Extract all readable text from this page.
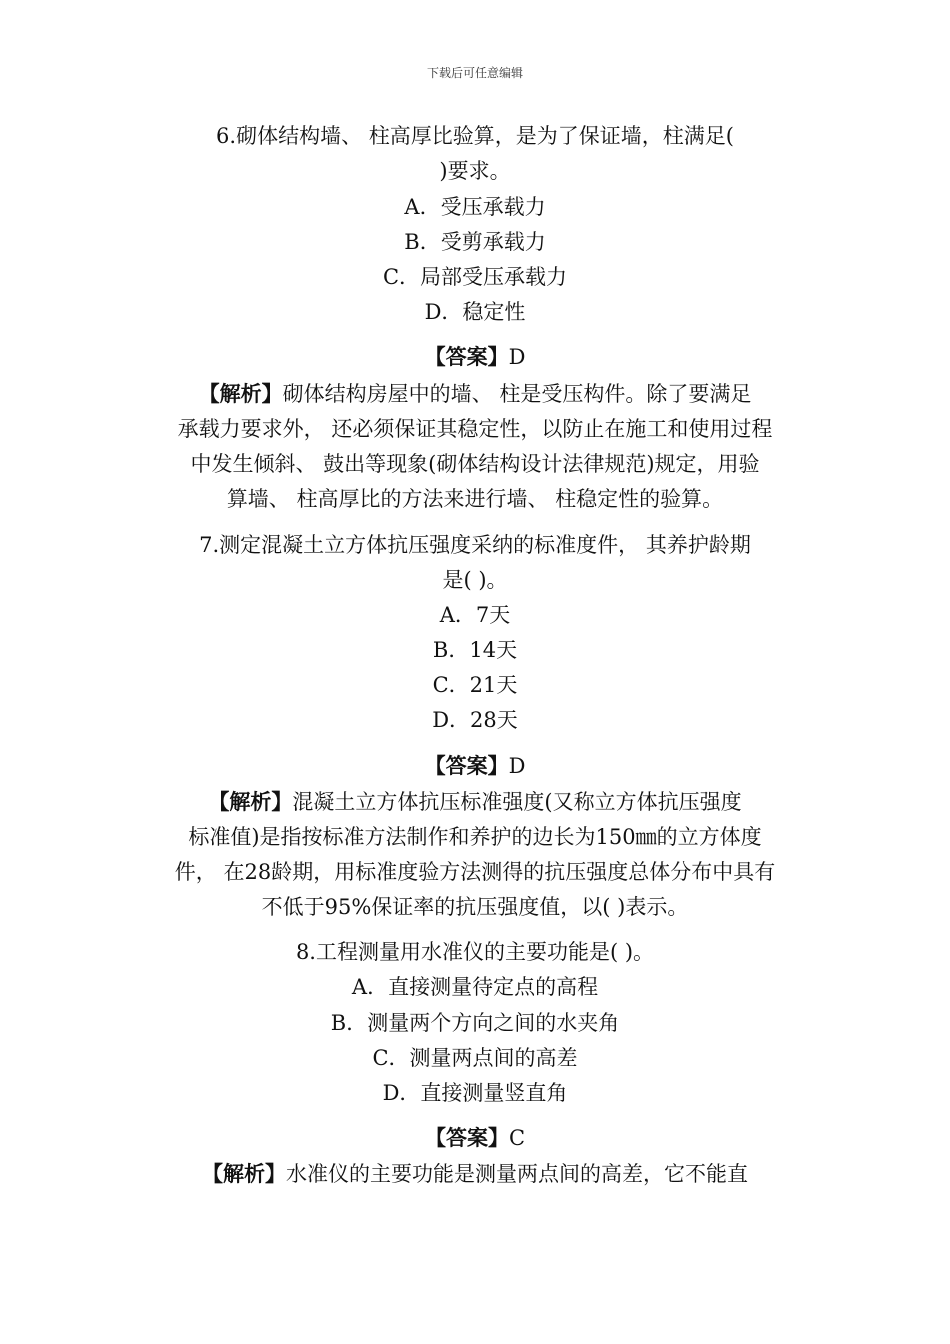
下载后可任意编辑
6.砌体结构墙、 柱高厚比验算，是为了保证墙，柱满足(
)要求。
A．受压承载力
B．受剪承载力
C．局部受压承载力
D．稳定性
【答案】D
【解析】砌体结构房屋中的墙、 柱是受压构件。除了要满足
承载力要求外， 还必须保证其稳定性，以防止在施工和使用过程
中发生倾斜、 鼓出等现象(砌体结构设计法律规范)规定，用验
算墙、 柱高厚比的方法来进行墙、 柱稳定性的验算。
7.测定混凝土立方体抗压强度采纳的标准度件， 其养护龄期
是( )。
A．7天
B．14天
C．21天
D．28天
【答案】D
【解析】混凝土立方体抗压标准强度(又称立方体抗压强度
标准值)是指按标准方法制作和养护的边长为150㎜的立方体度
件， 在28龄期，用标准度验方法测得的抗压强度总体分布中具有
不低于95%保证率的抗压强度值，以( )表示。
8.工程测量用水准仪的主要功能是( )。
A．直接测量待定点的高程
B．测量两个方向之间的水夹角
C．测量两点间的高差
D．直接测量竖直角
【答案】C
【解析】水准仪的主要功能是测量两点间的高差，它不能直
